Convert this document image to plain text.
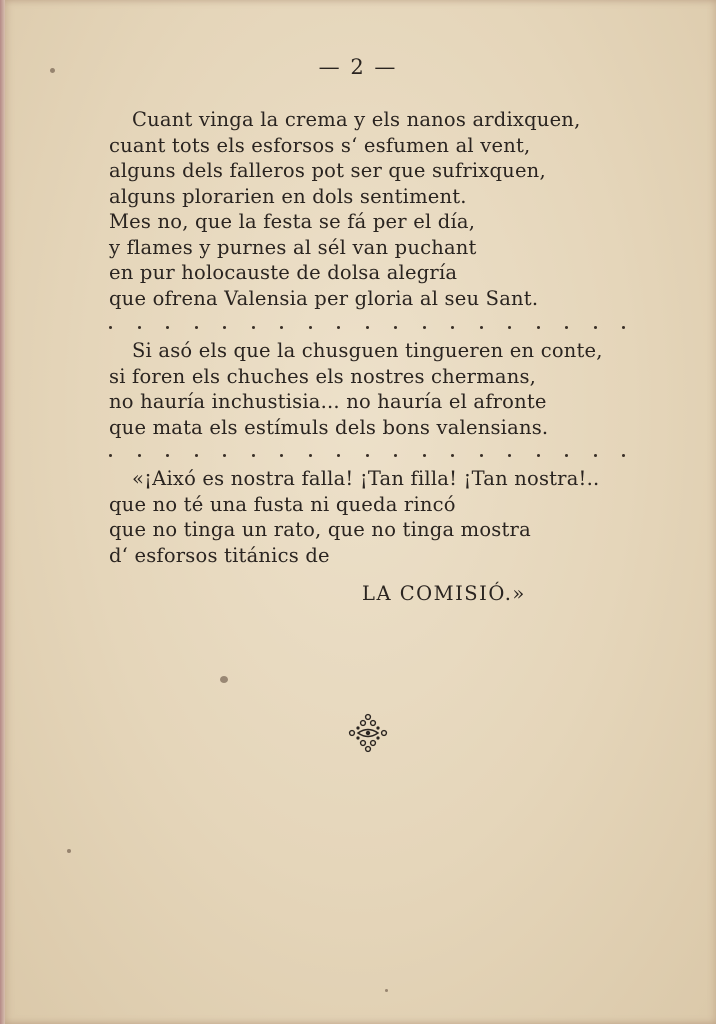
— 2 —
Cuant vinga la crema y els nanos ardixquen,
cuant tots els esforsos s‘ esfumen al vent,
alguns dels falleros pot ser que sufrixquen,
alguns plorarien en dols sentiment.
Mes no, que la festa se fá per el día,
y flames y purnes al sél van puchant
en pur holocauste de dolsa alegría
que ofrena Valensia per gloria al seu Sant.
Si asó els que la chusguen tingueren en conte,
si foren els chuches els nostres chermans,
no hauría inchustisia... no hauría el afronte
que mata els estímuls dels bons valensians.
«¡Aixó es nostra falla! ¡Tan filla! ¡Tan nostra!..
que no té una fusta ni queda rincó
que no tinga un rato, que no tinga mostra
d‘ esforsos titánics de
LA COMISIÓ.»
